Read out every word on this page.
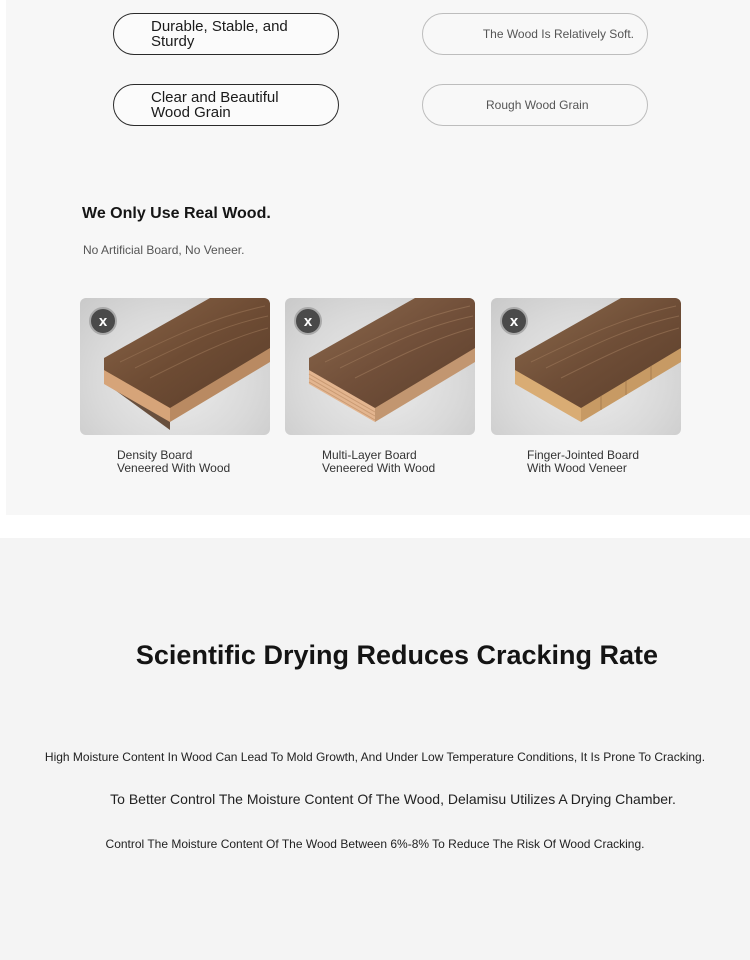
Durable, Stable, and Sturdy
Clear and Beautiful Wood Grain
The Wood Is Relatively Soft.
Rough Wood Grain
We Only Use Real Wood.
No Artificial Board, No Veneer.
x
Density Board
Veneered With Wood
x
Multi-Layer Board
Veneered With Wood
x
Finger-Jointed Board
With Wood Veneer
Scientific Drying Reduces Cracking Rate
High Moisture Content In Wood Can Lead To Mold Growth, And Under Low Temperature Conditions, It Is Prone To Cracking.
To Better Control The Moisture Content Of The Wood, Delamisu Utilizes A Drying Chamber.
Control The Moisture Content Of The Wood Between 6%-8% To Reduce The Risk Of Wood Cracking.
